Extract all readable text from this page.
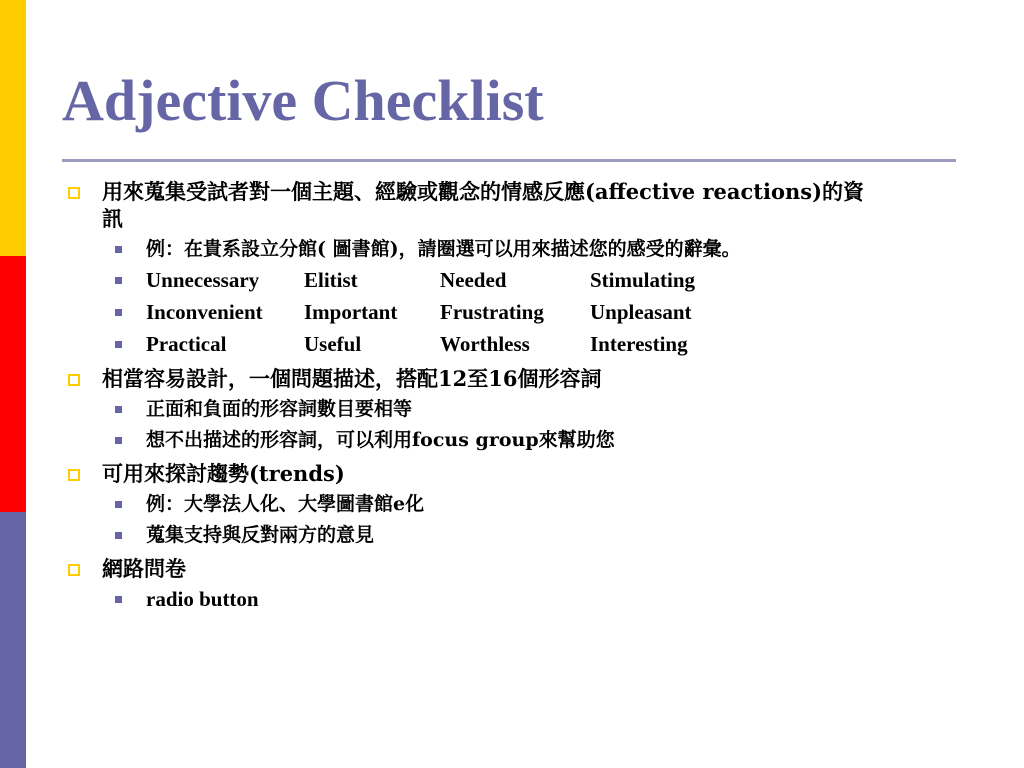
Adjective Checklist
用來蒐集受試者對一個主題、經驗或觀念的情感反應(affective reactions)的資訊
例：在貴系設立分館( 圖書館)，請圈選可以用來描述您的感受的辭彙。
Unnecessary Elitist	Needed	Stimulating
Inconvenient Important Frustrating Unpleasant
Practical	Useful	Worthless	Interesting
相當容易設計，一個問題描述，搭配12至16個形容詞
正面和負面的形容詞數目要相等
想不出描述的形容詞，可以利用focus group來幫助您
可用來探討趨勢(trends)
例：大學法人化、大學圖書館e化
蒐集支持與反對兩方的意見
網路問卷
radio button
